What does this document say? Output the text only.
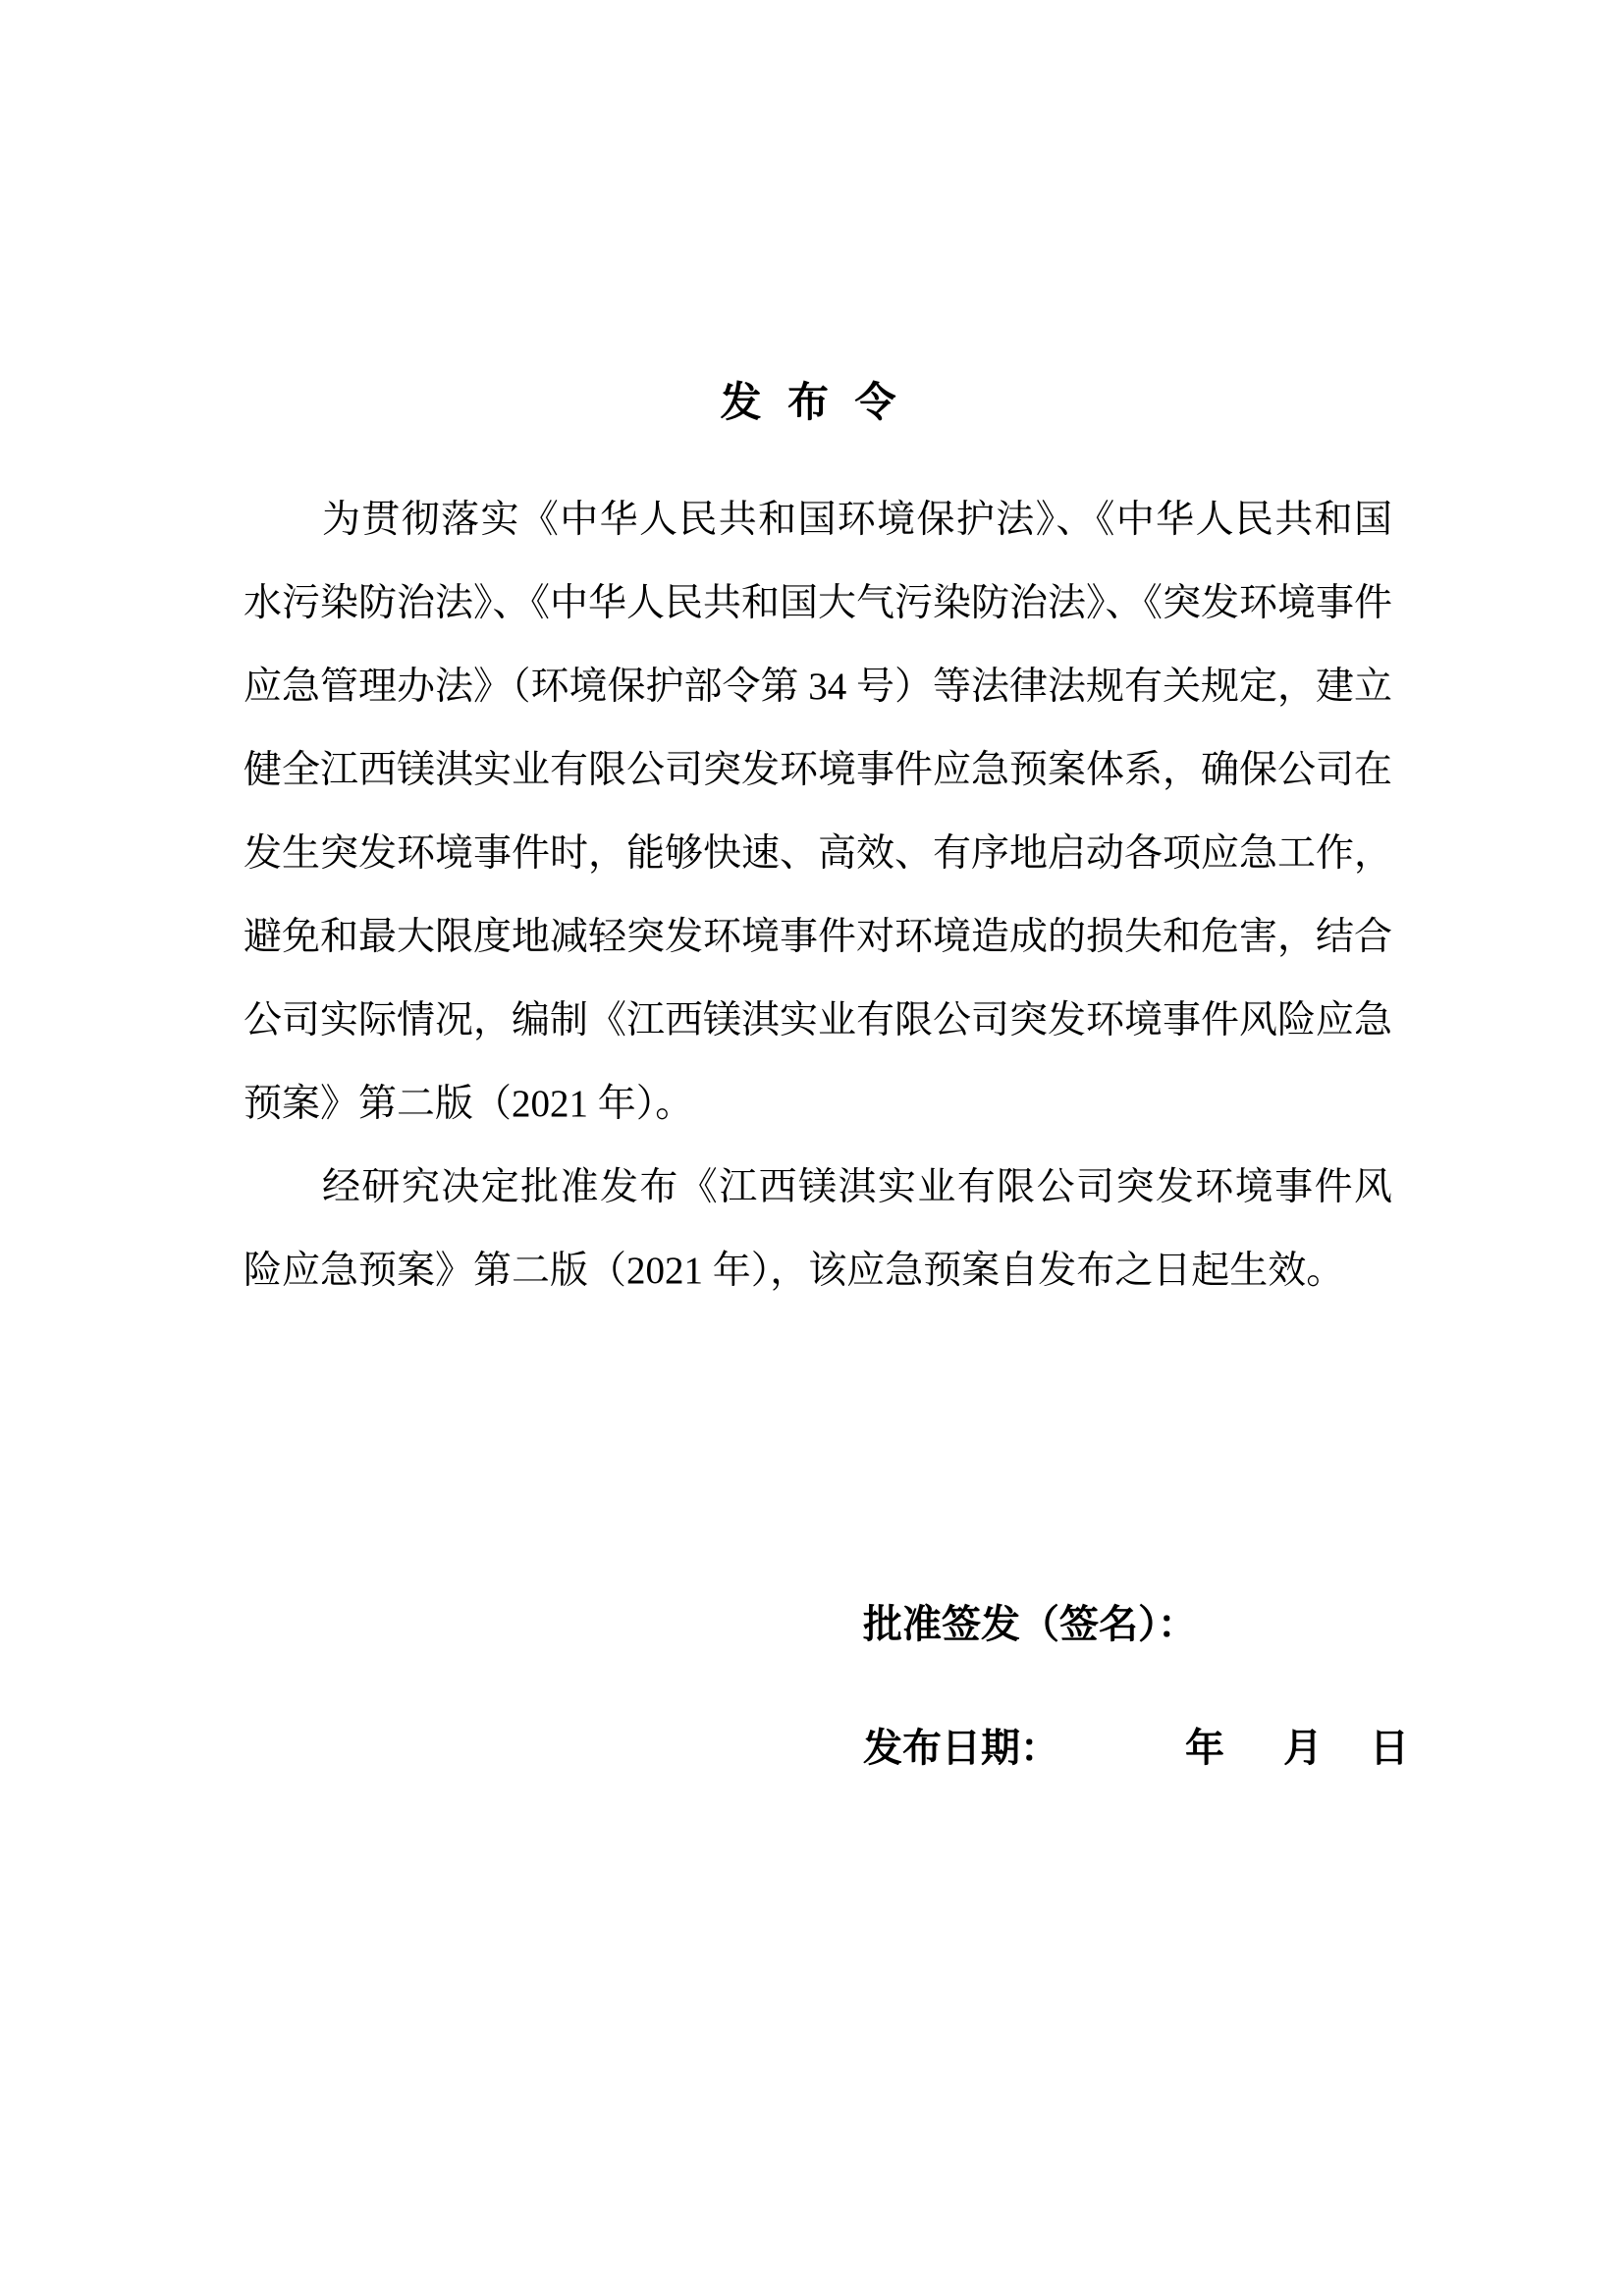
发 布 令

为贯彻落实《中华人民共和国环境保护法》、《中华人民共和国水污染防治法》、《中华人民共和国大气污染防治法》、《突发环境事件应急管理办法》（环境保护部令第 34 号）等法律法规有关规定，建立健全江西镁淇实业有限公司突发环境事件应急预案体系，确保公司在发生突发环境事件时，能够快速、高效、有序地启动各项应急工作，避免和最大限度地减轻突发环境事件对环境造成的损失和危害，结合公司实际情况，编制《江西镁淇实业有限公司突发环境事件风险应急预案》第二版（2021 年）。

经研究决定批准发布《江西镁淇实业有限公司突发环境事件风险应急预案》第二版（2021 年），该应急预案自发布之日起生效。

批准签发（签名）：
发布日期：	年 月 日
